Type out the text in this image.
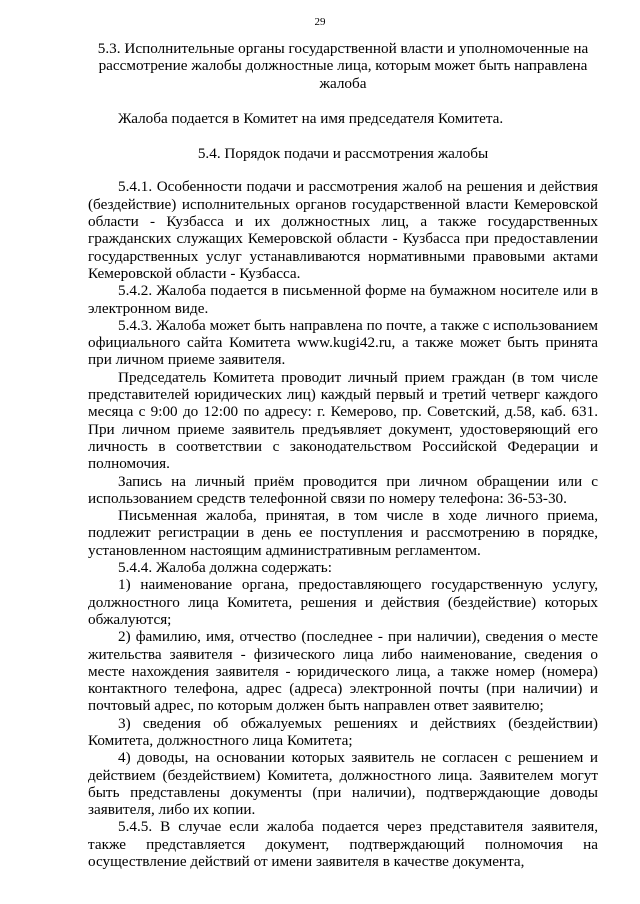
29

5.3. Исполнительные органы государственной власти и уполномоченные на рассмотрение жалобы должностные лица, которым может быть направлена жалоба

Жалоба подается в Комитет на имя председателя Комитета.

5.4. Порядок подачи и рассмотрения жалобы

5.4.1. Особенности подачи и рассмотрения жалоб на решения и действия (бездействие) исполнительных органов государственной власти Кемеровской области - Кузбасса и их должностных лиц, а также государственных гражданских служащих Кемеровской области - Кузбасса при предоставлении государственных услуг устанавливаются нормативными правовыми актами Кемеровской области - Кузбасса.

5.4.2. Жалоба подается в письменной форме на бумажном носителе или в электронном виде.

5.4.3. Жалоба может быть направлена по почте, а также с использованием официального сайта Комитета www.kugi42.ru, а также может быть принята при личном приеме заявителя.

Председатель Комитета проводит личный прием граждан (в том числе представителей юридических лиц) каждый первый и третий четверг каждого месяца с 9:00 до 12:00 по адресу: г. Кемерово, пр. Советский, д.58, каб. 631. При личном приеме заявитель предъявляет документ, удостоверяющий его личность в соответствии с законодательством Российской Федерации и полномочия.

Запись на личный приём проводится при личном обращении или с использованием средств телефонной связи по номеру телефона: 36-53-30.

Письменная жалоба, принятая, в том числе в ходе личного приема, подлежит регистрации в день ее поступления и рассмотрению в порядке, установленном настоящим административным регламентом.

5.4.4. Жалоба должна содержать:

1) наименование органа, предоставляющего государственную услугу, должностного лица Комитета, решения и действия (бездействие) которых обжалуются;

2) фамилию, имя, отчество (последнее - при наличии), сведения о месте жительства заявителя - физического лица либо наименование, сведения о месте нахождения заявителя - юридического лица, а также номер (номера) контактного телефона, адрес (адреса) электронной почты (при наличии) и почтовый адрес, по которым должен быть направлен ответ заявителю;

3) сведения об обжалуемых решениях и действиях (бездействии) Комитета, должностного лица Комитета;

4) доводы, на основании которых заявитель не согласен с решением и действием (бездействием) Комитета, должностного лица. Заявителем могут быть представлены документы (при наличии), подтверждающие доводы заявителя, либо их копии.

5.4.5. В случае если жалоба подается через представителя заявителя, также представляется документ, подтверждающий полномочия на осуществление действий от имени заявителя в качестве документа,
